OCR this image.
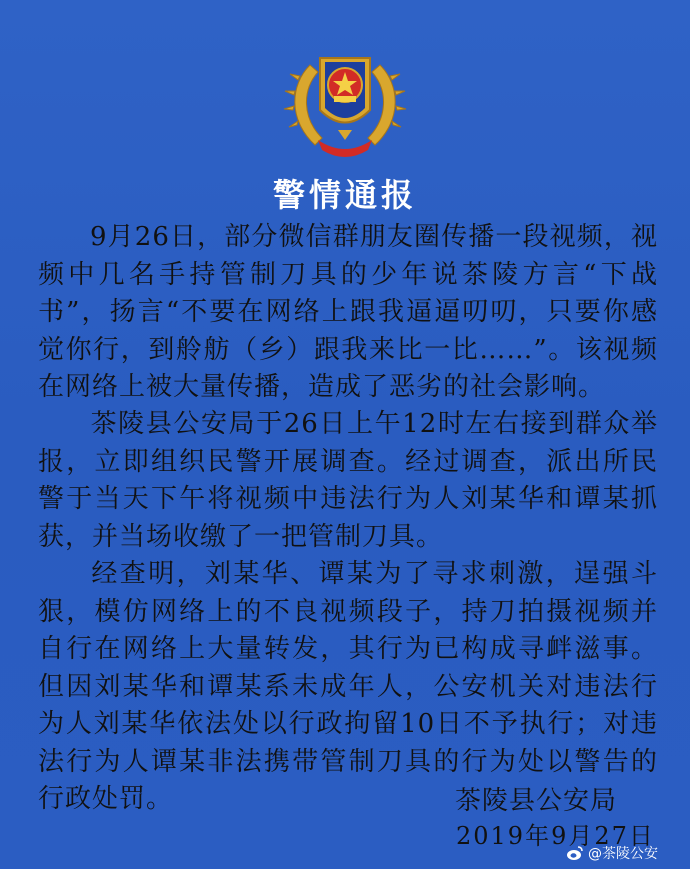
警情通报
9月26日，部分微信群朋友圈传播一段视频，视频中几名手持管制刀具的少年说茶陵方言“下战书”，扬言“不要在网络上跟我逼逼叨叨，只要你感觉你行，到舲舫（乡）跟我来比一比……”。该视频在网络上被大量传播，造成了恶劣的社会影响。
茶陵县公安局于26日上午12时左右接到群众举报，立即组织民警开展调查。经过调查，派出所民警于当天下午将视频中违法行为人刘某华和谭某抓获，并当场收缴了一把管制刀具。
经查明，刘某华、谭某为了寻求刺激，逞强斗狠，模仿网络上的不良视频段子，持刀拍摄视频并自行在网络上大量转发，其行为已构成寻衅滋事。但因刘某华和谭某系未成年人，公安机关对违法行为人刘某华依法处以行政拘留10日不予执行；对违法行为人谭某非法携带管制刀具的行为处以警告的行政处罚。	茶陵县公安局
2019年9月27日
@茶陵公安
